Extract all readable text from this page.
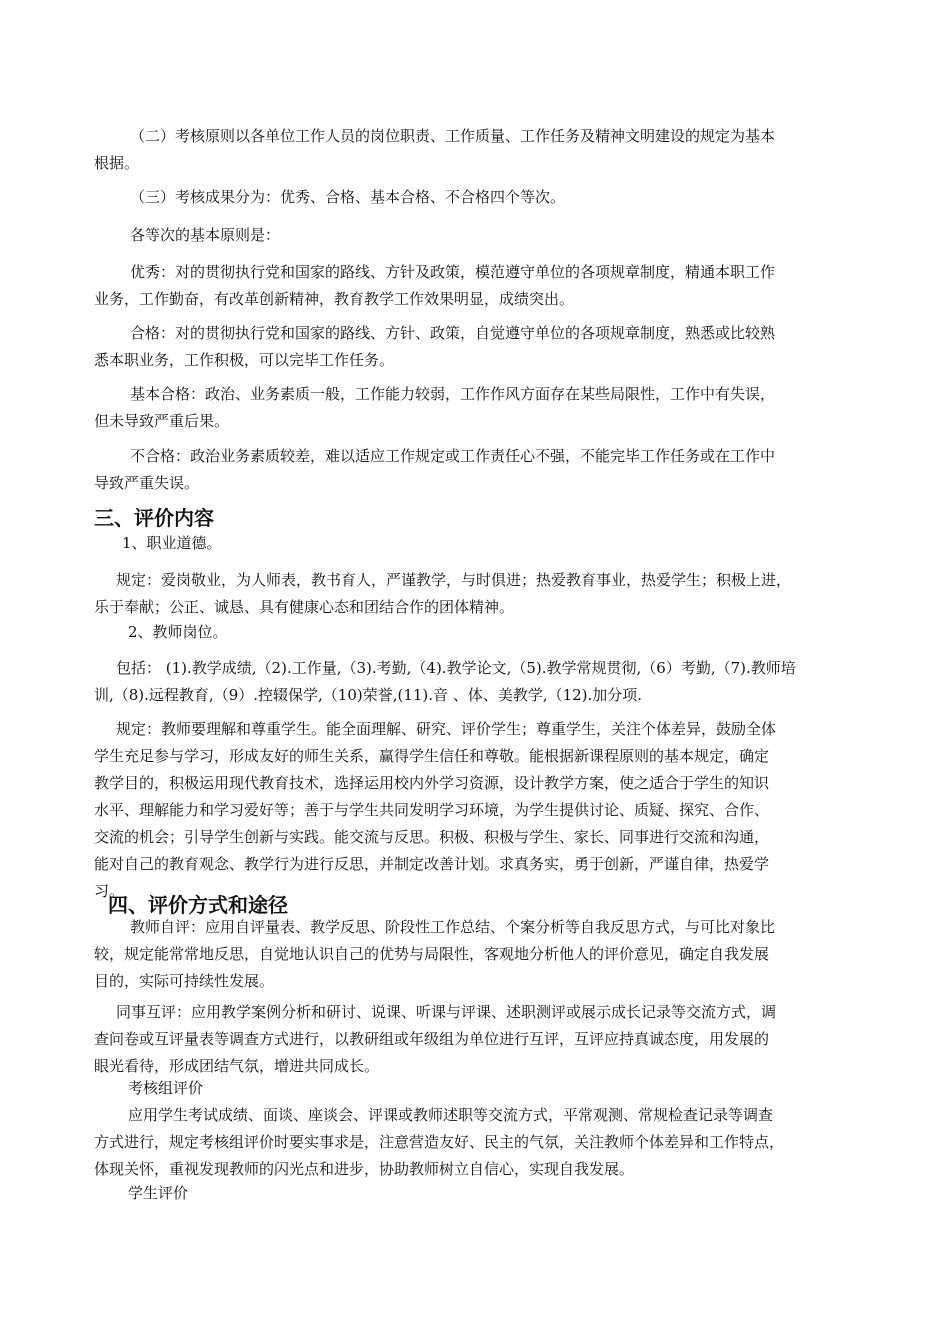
（二）考核原则以各单位工作人员的岗位职责、工作质量、工作任务及精神文明建设的规定为基本
根据。
（三）考核成果分为：优秀、合格、基本合格、不合格四个等次。
各等次的基本原则是：
优秀：对的贯彻执行党和国家的路线、方针及政策，模范遵守单位的各项规章制度，精通本职工作
业务，工作勤奋，有改革创新精神，教育教学工作效果明显，成绩突出。
合格：对的贯彻执行党和国家的路线、方针、政策，自觉遵守单位的各项规章制度，熟悉或比较熟
悉本职业务，工作积极，可以完毕工作任务。
基本合格：政治、业务素质一般，工作能力较弱，工作作风方面存在某些局限性，工作中有失误，
但未导致严重后果。
不合格：政治业务素质较差，难以适应工作规定或工作责任心不强，不能完毕工作任务或在工作中
导致严重失误。
三、评价内容
1、职业道德。
规定：爱岗敬业，为人师表，教书育人，严谨教学，与时俱进；热爱教育事业，热爱学生；积极上进，
乐于奉献；公正、诚恳、具有健康心态和团结合作的团体精神。
2、教师岗位。
包括： (1).教学成绩,（2).工作量,（3).考勤,（4).教学论文,（5).教学常规贯彻,（6）考勤,（7).教师培
训,（8).远程教育,（9）.控辍保学,（10)荣誉,(11).音 、体、美教学,（12).加分项.
规定：教师要理解和尊重学生。能全面理解、研究、评价学生；尊重学生，关注个体差异，鼓励全体
学生充足参与学习，形成友好的师生关系，赢得学生信任和尊敬。能根据新课程原则的基本规定，确定
教学目的，积极运用现代教育技术，选择运用校内外学习资源，设计教学方案，使之适合于学生的知识
水平、理解能力和学习爱好等；善于与学生共同发明学习环境，为学生提供讨论、质疑、探究、合作、
交流的机会；引导学生创新与实践。能交流与反思。积极、积极与学生、家长、同事进行交流和沟通，
能对自己的教育观念、教学行为进行反思，并制定改善计划。求真务实，勇于创新，严谨自律，热爱学
习。
四、评价方式和途径
教师自评：应用自评量表、教学反思、阶段性工作总结、个案分析等自我反思方式，与可比对象比
较，规定能常常地反思，自觉地认识自己的优势与局限性，客观地分析他人的评价意见，确定自我发展
目的，实际可持续性发展。
同事互评：应用教学案例分析和研讨、说课、听课与评课、述职测评或展示成长记录等交流方式，调
查问卷或互评量表等调查方式进行，以教研组或年级组为单位进行互评，互评应持真诚态度，用发展的
眼光看待，形成团结气氛，增进共同成长。
考核组评价
应用学生考试成绩、面谈、座谈会、评课或教师述职等交流方式，平常观测、常规检查记录等调查
方式进行，规定考核组评价时要实事求是，注意营造友好、民主的气氛，关注教师个体差异和工作特点，
体现关怀，重视发现教师的闪光点和进步，协助教师树立自信心，实现自我发展。
学生评价
